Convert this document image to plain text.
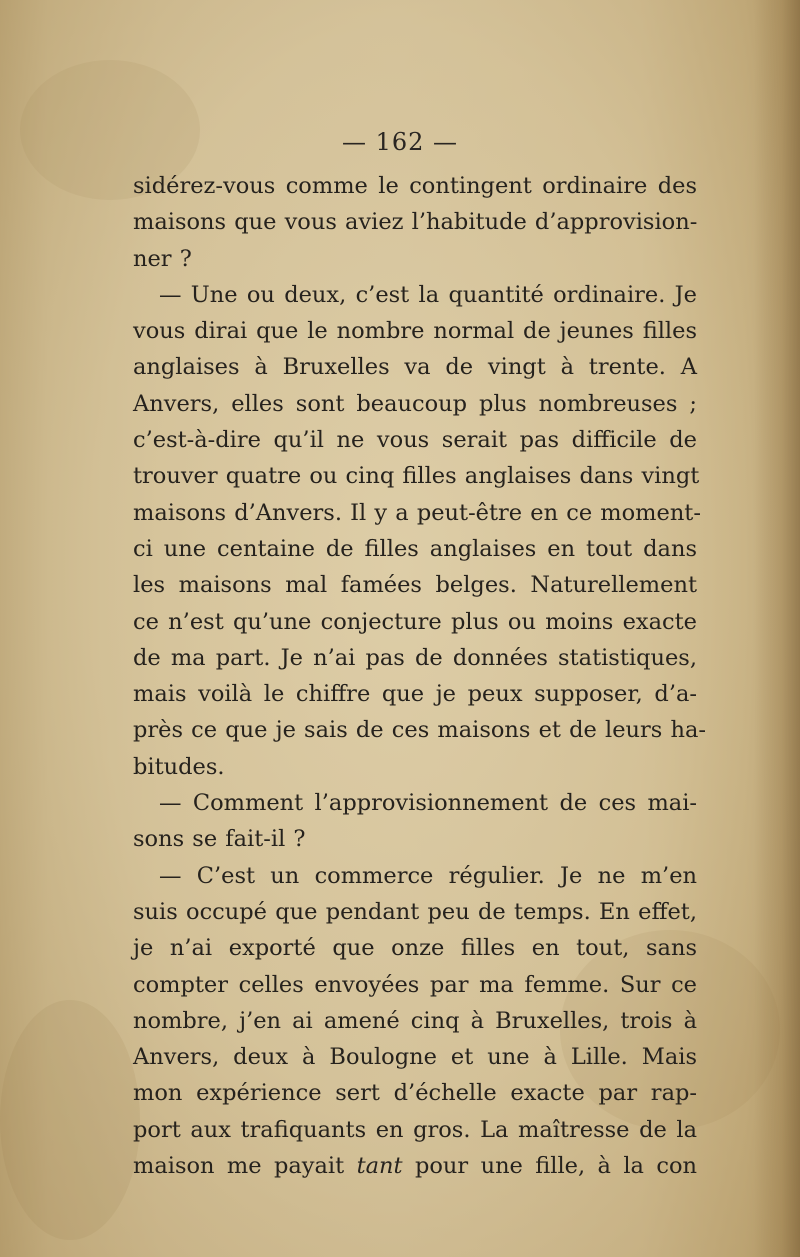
— 162 —

sidérez-vous comme le contingent ordinaire des
maisons que vous aviez l’habitude d’approvision-
ner ?
— Une ou deux, c’est la quantité ordinaire. Je
vous dirai que le nombre normal de jeunes filles
anglaises à Bruxelles va de vingt à trente. A
Anvers, elles sont beaucoup plus nombreuses ;
c’est-à-dire qu’il ne vous serait pas difficile de
trouver quatre ou cinq filles anglaises dans vingt
maisons d’Anvers. Il y a peut-être en ce moment-
ci une centaine de filles anglaises en tout dans
les maisons mal famées belges. Naturellement
ce n’est qu’une conjecture plus ou moins exacte
de ma part. Je n’ai pas de données statistiques,
mais voilà le chiffre que je peux supposer, d’a-
près ce que je sais de ces maisons et de leurs ha-
bitudes.
— Comment l’approvisionnement de ces mai-
sons se fait-il ?
— C’est un commerce régulier. Je ne m’en
suis occupé que pendant peu de temps. En effet,
je n’ai exporté que onze filles en tout, sans
compter celles envoyées par ma femme. Sur ce
nombre, j’en ai amené cinq à Bruxelles, trois à
Anvers, deux à Boulogne et une à Lille. Mais
mon expérience sert d’échelle exacte par rap-
port aux trafiquants en gros. La maîtresse de la
maison me payait tant pour une fille, à la con
